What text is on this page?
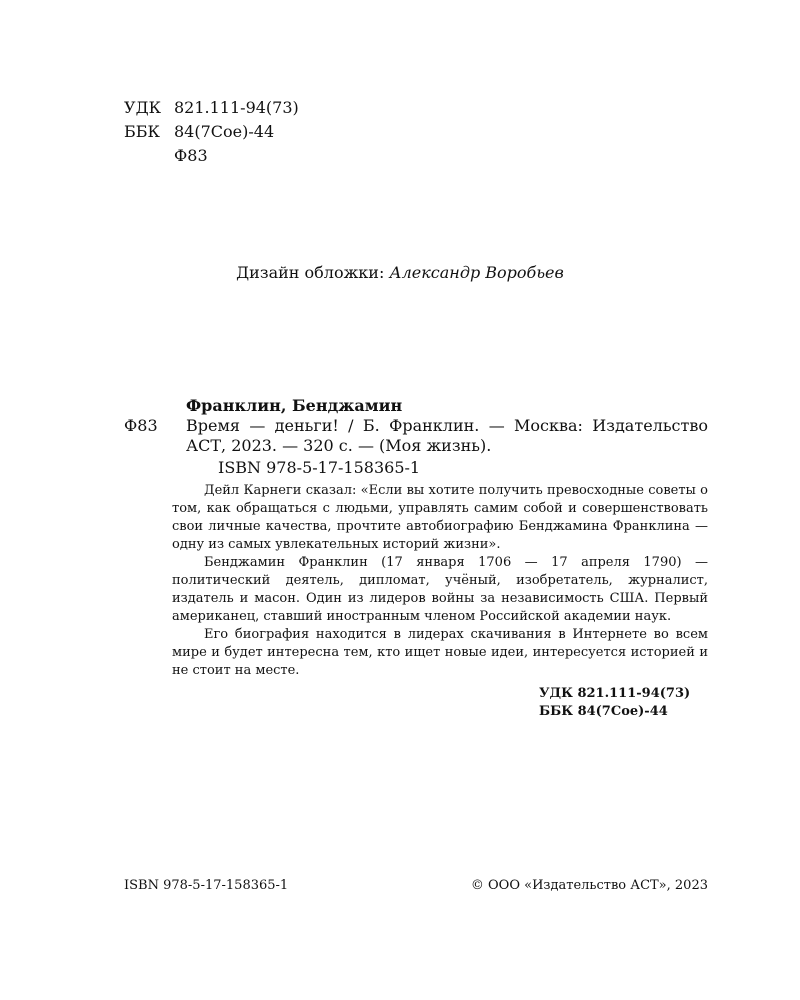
УДК 821.111-94(73)
ББК 84(7Сое)-44
Ф83
Дизайн обложки: Александр Воробьев
Франклин, Бенджамин
Ф83 Время — деньги! / Б. Франклин. — Москва: Издательство АСТ, 2023. — 320 с. — (Моя жизнь).
ISBN 978-5-17-158365-1

Дейл Карнеги сказал: «Если вы хотите получить превосходные советы о том, как обращаться с людьми, управлять самим собой и совершенствовать свои личные качества, прочтите автобиографию Бенджамина Франклина — одну из самых увлекательных историй жизни».

Бенджамин Франклин (17 января 1706 — 17 апреля 1790) — политический деятель, дипломат, учёный, изобретатель, журналист, издатель и масон. Один из лидеров войны за независимость США. Первый американец, ставший иностранным членом Российской академии наук.

Его биография находится в лидерах скачивания в Интернете во всем мире и будет интересна тем, кто ищет новые идеи, интересуется историей и не стоит на месте.

УДК 821.111-94(73)
ББК 84(7Сое)-44
ISBN 978-5-17-158365-1	© ООО «Издательство АСТ», 2023
